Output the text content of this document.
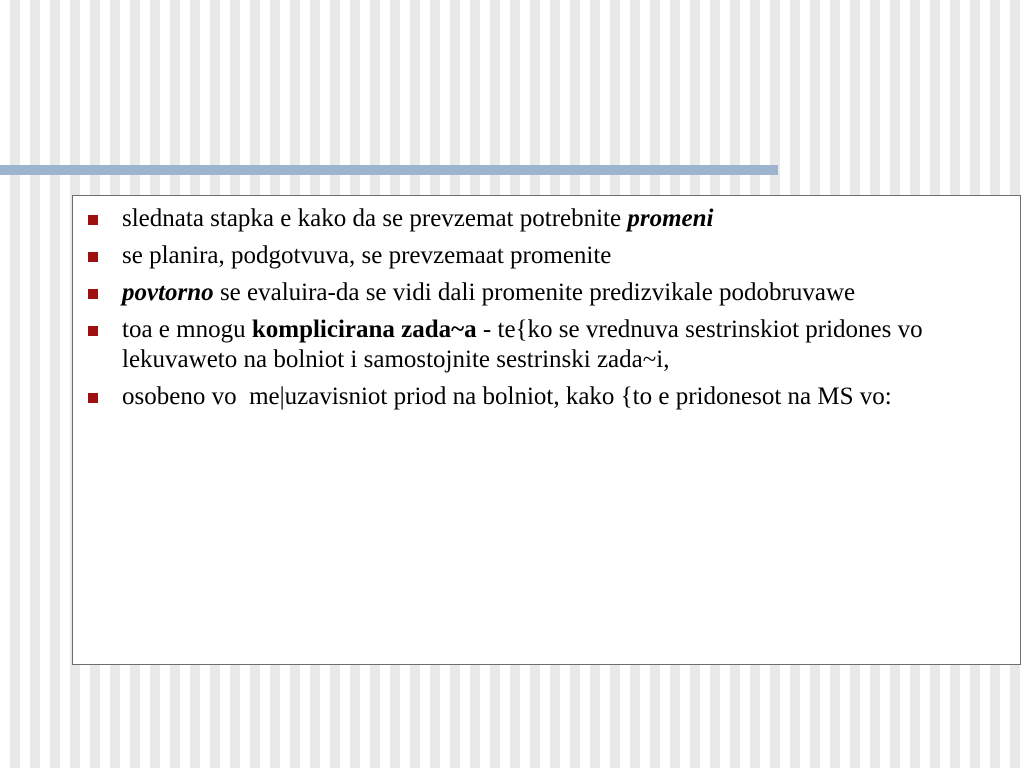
slednata stapka e kako da se prevzemat potrebnite promeni
se planira, podgotvuva, se prevzemaat promenite
povtorno se evaluira-da se vidi dali promenite predizvikale podobruvawe
toa e mnogu komplicirana zada~a - te{ko se vrednuva sestrinskiot pridones vo lekuvaweto na bolniot i samostojnite sestrinski zada~i,
osobeno vo  me|uzavisniot priod na bolniot, kako {to e pridonesot na MS vo:
